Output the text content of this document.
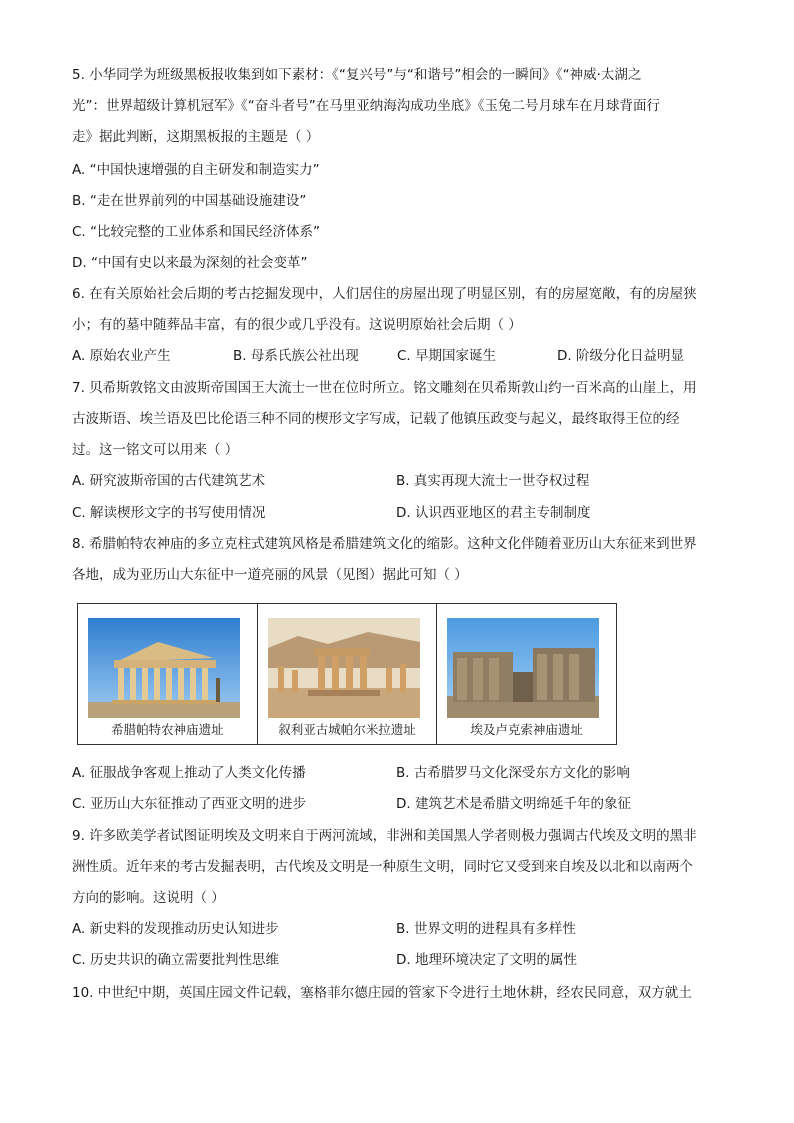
5. 小华同学为班级黑板报收集到如下素材：《“复兴号”与“和谐号”相会的一瞬间》《“神威·太湖之
光”：世界超级计算机冠军》《“奋斗者号”在马里亚纳海沟成功坐底》《玉兔二号月球车在月球背面行
走》据此判断，这期黑板报的主题是（ ）
A. “中国快速增强的自主研发和制造实力”
B. “走在世界前列的中国基础设施建设”
C. “比较完整的工业体系和国民经济体系”
D. “中国有史以来最为深刻的社会变革”
6. 在有关原始社会后期的考古挖掘发现中，人们居住的房屋出现了明显区别，有的房屋宽敞，有的房屋狭
小；有的墓中随葬品丰富，有的很少或几乎没有。这说明原始社会后期（ ）
A. 原始农业产生	B. 母系氏族公社出现	C. 早期国家诞生	D. 阶级分化日益明显
7. 贝希斯敦铭文由波斯帝国国王大流士一世在位时所立。铭文雕刻在贝希斯敦山约一百米高的山崖上，用
古波斯语、埃兰语及巴比伦语三种不同的楔形文字写成，记载了他镇压政变与起义，最终取得王位的经
过。这一铭文可以用来（ ）
A. 研究波斯帝国的古代建筑艺术	B. 真实再现大流士一世夺权过程
C. 解读楔形文字的书写使用情况	D. 认识西亚地区的君主专制制度
8. 希腊帕特农神庙的多立克柱式建筑风格是希腊建筑文化的缩影。这种文化伴随着亚历山大东征来到世界
各地，成为亚历山大东征中一道亮丽的风景（见图）据此可知（ ）
希腊帕特农神庙遗址	叙利亚古城帕尔米拉遗址	埃及卢克索神庙遗址
A. 征服战争客观上推动了人类文化传播	B. 古希腊罗马文化深受东方文化的影响
C. 亚历山大东征推动了西亚文明的进步	D. 建筑艺术是希腊文明绵延千年的象征
9. 许多欧美学者试图证明埃及文明来自于两河流域，非洲和美国黑人学者则极力强调古代埃及文明的黑非
洲性质。近年来的考古发掘表明，古代埃及文明是一种原生文明，同时它又受到来自埃及以北和以南两个
方向的影响。这说明（ ）
A. 新史料的发现推动历史认知进步	B. 世界文明的进程具有多样性
C. 历史共识的确立需要批判性思维	D. 地理环境决定了文明的属性
10. 中世纪中期，英国庄园文件记载，塞格菲尔德庄园的管家下令进行土地休耕，经农民同意，双方就土
